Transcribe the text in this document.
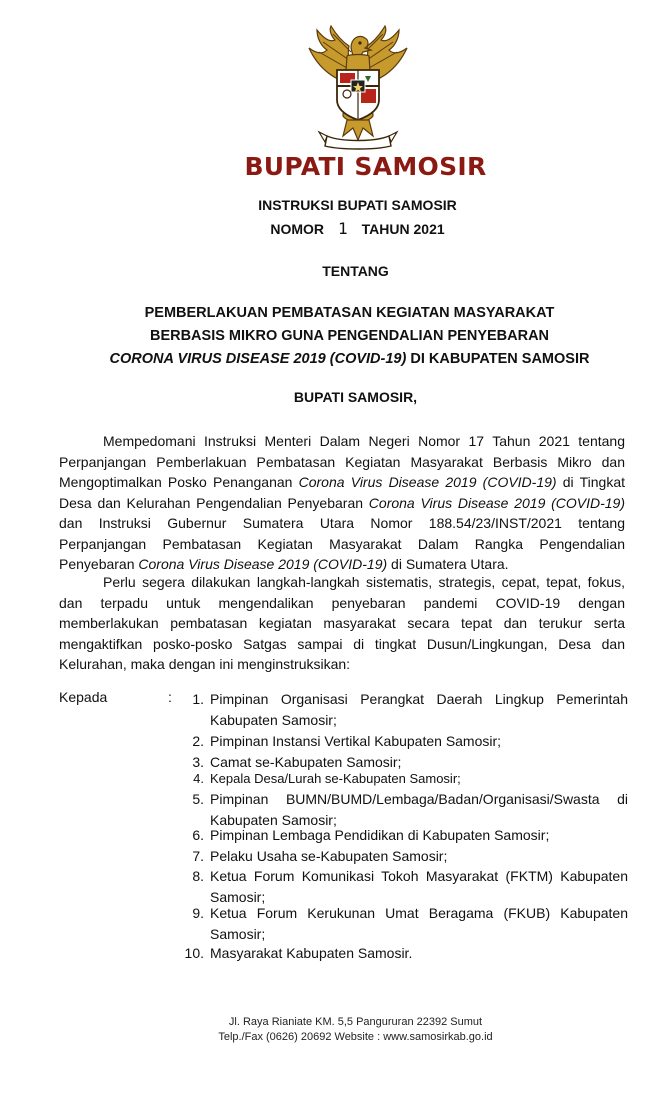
BUPATI SAMOSIR
INSTRUKSI BUPATI SAMOSIR
NOMOR 1 TAHUN 2021
TENTANG
PEMBERLAKUAN PEMBATASAN KEGIATAN MASYARAKAT
BERBASIS MIKRO GUNA PENGENDALIAN PENYEBARAN
CORONA VIRUS DISEASE 2019 (COVID-19) DI KABUPATEN SAMOSIR
BUPATI SAMOSIR,
Mempedomani Instruksi Menteri Dalam Negeri Nomor 17 Tahun 2021 tentang Perpanjangan Pemberlakuan Pembatasan Kegiatan Masyarakat Berbasis Mikro dan Mengoptimalkan Posko Penanganan Corona Virus Disease 2019 (COVID-19) di Tingkat Desa dan Kelurahan Pengendalian Penyebaran Corona Virus Disease 2019 (COVID-19) dan Instruksi Gubernur Sumatera Utara Nomor 188.54/23/INST/2021 tentang Perpanjangan Pembatasan Kegiatan Masyarakat Dalam Rangka Pengendalian Penyebaran Corona Virus Disease 2019 (COVID-19) di Sumatera Utara.
Perlu segera dilakukan langkah-langkah sistematis, strategis, cepat, tepat, fokus, dan terpadu untuk mengendalikan penyebaran pandemi COVID-19 dengan memberlakukan pembatasan kegiatan masyarakat secara tepat dan terukur serta mengaktifkan posko-posko Satgas sampai di tingkat Dusun/Lingkungan, Desa dan Kelurahan, maka dengan ini menginstruksikan:
Kepada	:	1. Pimpinan Organisasi Perangkat Daerah Lingkup Pemerintah Kabupaten Samosir;
2. Pimpinan Instansi Vertikal Kabupaten Samosir;
3. Camat se-Kabupaten Samosir;
4. Kepala Desa/Lurah se-Kabupaten Samosir;
5. Pimpinan BUMN/BUMD/Lembaga/Badan/Organisasi/Swasta di Kabupaten Samosir;
6. Pimpinan Lembaga Pendidikan di Kabupaten Samosir;
7. Pelaku Usaha se-Kabupaten Samosir;
8. Ketua Forum Komunikasi Tokoh Masyarakat (FKTM) Kabupaten Samosir;
9. Ketua Forum Kerukunan Umat Beragama (FKUB) Kabupaten Samosir;
10. Masyarakat Kabupaten Samosir.
Jl. Raya Rianiate KM. 5,5 Pangururan 22392 Sumut
Telp./Fax (0626) 20692 Website : www.samosirkab.go.id
